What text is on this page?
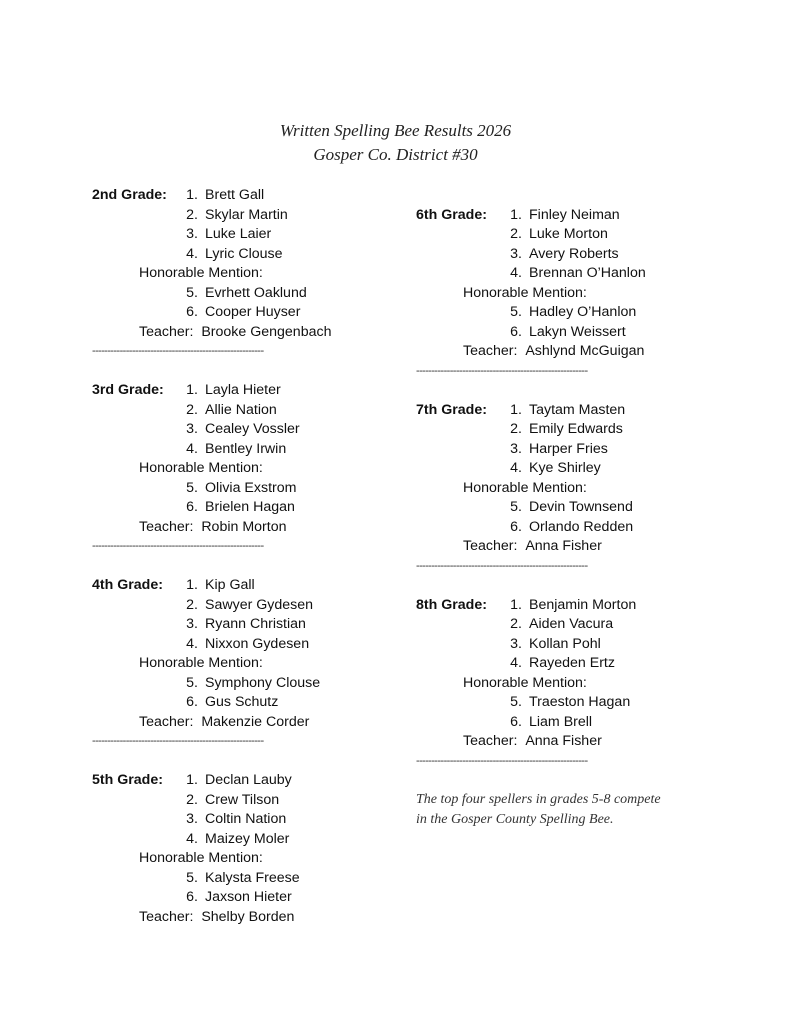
Written Spelling Bee Results 2026
Gosper Co. District #30
2nd Grade:	1. Brett Gall
2. Skylar Martin
3. Luke Laier
4. Lyric Clouse
Honorable Mention:
5. Evrhett Oaklund
6. Cooper Huyser
Teacher: Brooke Gengenbach
--------------------------------------------------------
3rd Grade:	1. Layla Hieter
2. Allie Nation
3. Cealey Vossler
4. Bentley Irwin
Honorable Mention:
5. Olivia Exstrom
6. Brielen Hagan
Teacher: Robin Morton
--------------------------------------------------------
4th Grade:	1. Kip Gall
2. Sawyer Gydesen
3. Ryann Christian
4. Nixxon Gydesen
Honorable Mention:
5. Symphony Clouse
6. Gus Schutz
Teacher: Makenzie Corder
--------------------------------------------------------
5th Grade:	1. Declan Lauby
2. Crew Tilson
3. Coltin Nation
4. Maizey Moler
Honorable Mention:
5. Kalysta Freese
6. Jaxson Hieter
Teacher: Shelby Borden
6th Grade:	1. Finley Neiman
2. Luke Morton
3. Avery Roberts
4. Brennan O’Hanlon
Honorable Mention:
5. Hadley O’Hanlon
6. Lakyn Weissert
Teacher: Ashlynd McGuigan
--------------------------------------------------------
7th Grade:	1. Taytam Masten
2. Emily Edwards
3. Harper Fries
4. Kye Shirley
Honorable Mention:
5. Devin Townsend
6. Orlando Redden
Teacher: Anna Fisher
--------------------------------------------------------
8th Grade:	1. Benjamin Morton
2. Aiden Vacura
3. Kollan Pohl
4. Rayeden Ertz
Honorable Mention:
5. Traeston Hagan
6. Liam Brell
Teacher: Anna Fisher
--------------------------------------------------------
The top four spellers in grades 5-8 compete
in the Gosper County Spelling Bee.
